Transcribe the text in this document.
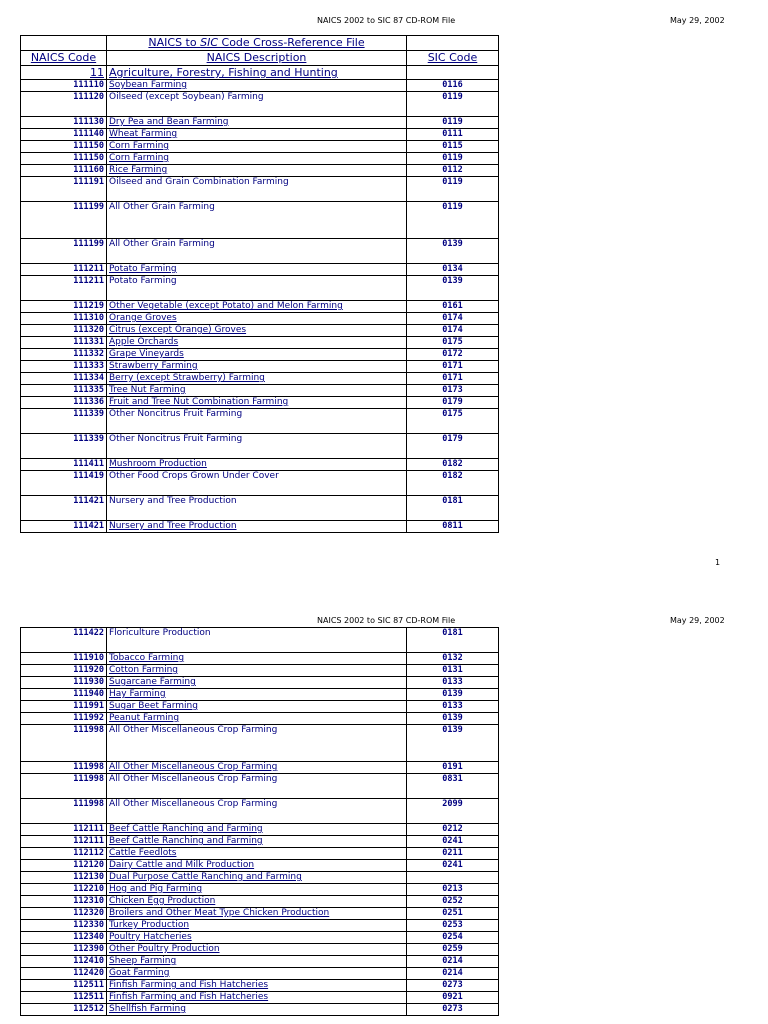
NAICS 2002 to SIC 87 CD-ROM File	May 29, 2002
	NAICS to SIC Code Cross-Reference File	
NAICS Code	NAICS Description	SIC Code
11	Agriculture, Forestry, Fishing and Hunting	
111110	Soybean Farming	0116
111120	Oilseed (except Soybean) Farming	0119
111130	Dry Pea and Bean Farming	0119
111140	Wheat Farming	0111
111150	Corn Farming	0115
111150	Corn Farming	0119
111160	Rice Farming	0112
111191	Oilseed and Grain Combination Farming	0119
111199	All Other Grain Farming	0119
111199	All Other Grain Farming	0139
111211	Potato Farming	0134
111211	Potato Farming	0139
111219	Other Vegetable (except Potato) and Melon Farming	0161
111310	Orange Groves	0174
111320	Citrus (except Orange) Groves	0174
111331	Apple Orchards	0175
111332	Grape Vineyards	0172
111333	Strawberry Farming	0171
111334	Berry (except Strawberry) Farming	0171
111335	Tree Nut Farming	0173
111336	Fruit and Tree Nut Combination Farming	0179
111339	Other Noncitrus Fruit Farming	0175
111339	Other Noncitrus Fruit Farming	0179
111411	Mushroom Production	0182
111419	Other Food Crops Grown Under Cover	0182
111421	Nursery and Tree Production	0181
111421	Nursery and Tree Production	0811
1
NAICS 2002 to SIC 87 CD-ROM File	May 29, 2002
111422	Floriculture Production	0181
111910	Tobacco Farming	0132
111920	Cotton Farming	0131
111930	Sugarcane Farming	0133
111940	Hay Farming	0139
111991	Sugar Beet Farming	0133
111992	Peanut Farming	0139
111998	All Other Miscellaneous Crop Farming	0139
111998	All Other Miscellaneous Crop Farming	0191
111998	All Other Miscellaneous Crop Farming	0831
111998	All Other Miscellaneous Crop Farming	2099
112111	Beef Cattle Ranching and Farming	0212
112111	Beef Cattle Ranching and Farming	0241
112112	Cattle Feedlots	0211
112120	Dairy Cattle and Milk Production	0241
112130	Dual Purpose Cattle Ranching and Farming	
112210	Hog and Pig Farming	0213
112310	Chicken Egg Production	0252
112320	Broilers and Other Meat Type Chicken Production	0251
112330	Turkey Production	0253
112340	Poultry Hatcheries	0254
112390	Other Poultry Production	0259
112410	Sheep Farming	0214
112420	Goat Farming	0214
112511	Finfish Farming and Fish Hatcheries	0273
112511	Finfish Farming and Fish Hatcheries	0921
112512	Shellfish Farming	0273
